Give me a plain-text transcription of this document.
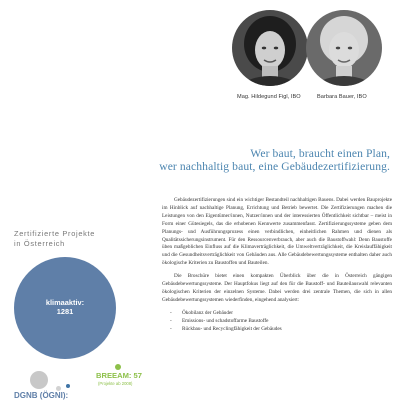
Mag. Hildegund Figl, IBO	Barbara Bauer, IBO
Wer baut, braucht einen Plan,
wer nachhaltig baut, eine Gebäudezertifizierung.
Zertifizierte Projekte
in Österreich
klimaaktiv:
1281
BREEAM: 57
(Projekte ab 2008)
DGNB (ÖGNI):

Gebäudezertifizierungen sind ein wichtiger Bestandteil nachhaltigen Bauens. Dabei werden Bauprojekte im Hinblick auf nachhaltige Planung, Errichtung und Betrieb bewertet. Die Zertifizierungen machen die Leistungen von den Eigentümer/innen, Nutzer/innen und der interessierten Öffentlichkeit sichtbar – meist in Form einer Gütesiegels, das die erhobenen Kennwerte zusammenfasst. Zertifizierungssysteme geben dem Planungs- und Ausführungsprozess einen verbindlichen, einheitlichen Rahmen und dienen als Qualitätssicherungsinstrument. Für den Ressourcenverbrauch, aber auch die Baustoffwahl: Denn Baustoffe üben maßgeblichen Einfluss auf die Klimaverträglichkeit, die Umweltverträglichkeit, die Kreislauffähigkeit und die Gesundheitsverträglichkeit von Gebäuden aus. Alle Gebäudebewertungssysteme enthalten daher auch ökologische Kriterien zu Baustoffen und Bauteilen.

Die Broschüre bietet einen kompakten Überblick über die in Österreich gängigen Gebäudebewertungssysteme. Der Hauptfokus liegt auf den für die Baustoff- und Bauteilauswahl relevanten ökologischen Kriterien der einzelnen Systeme. Dabei werden drei zentrale Themen, die sich in allen Gebäudebewertungssystemen wiederfinden, eingehend analysiert:

- Ökobilanz der Gebäuder
- Emissions- und schadstoffarme Baustoffe
- Rückbau- und Recyclingfähigkeit der Gebäudes
